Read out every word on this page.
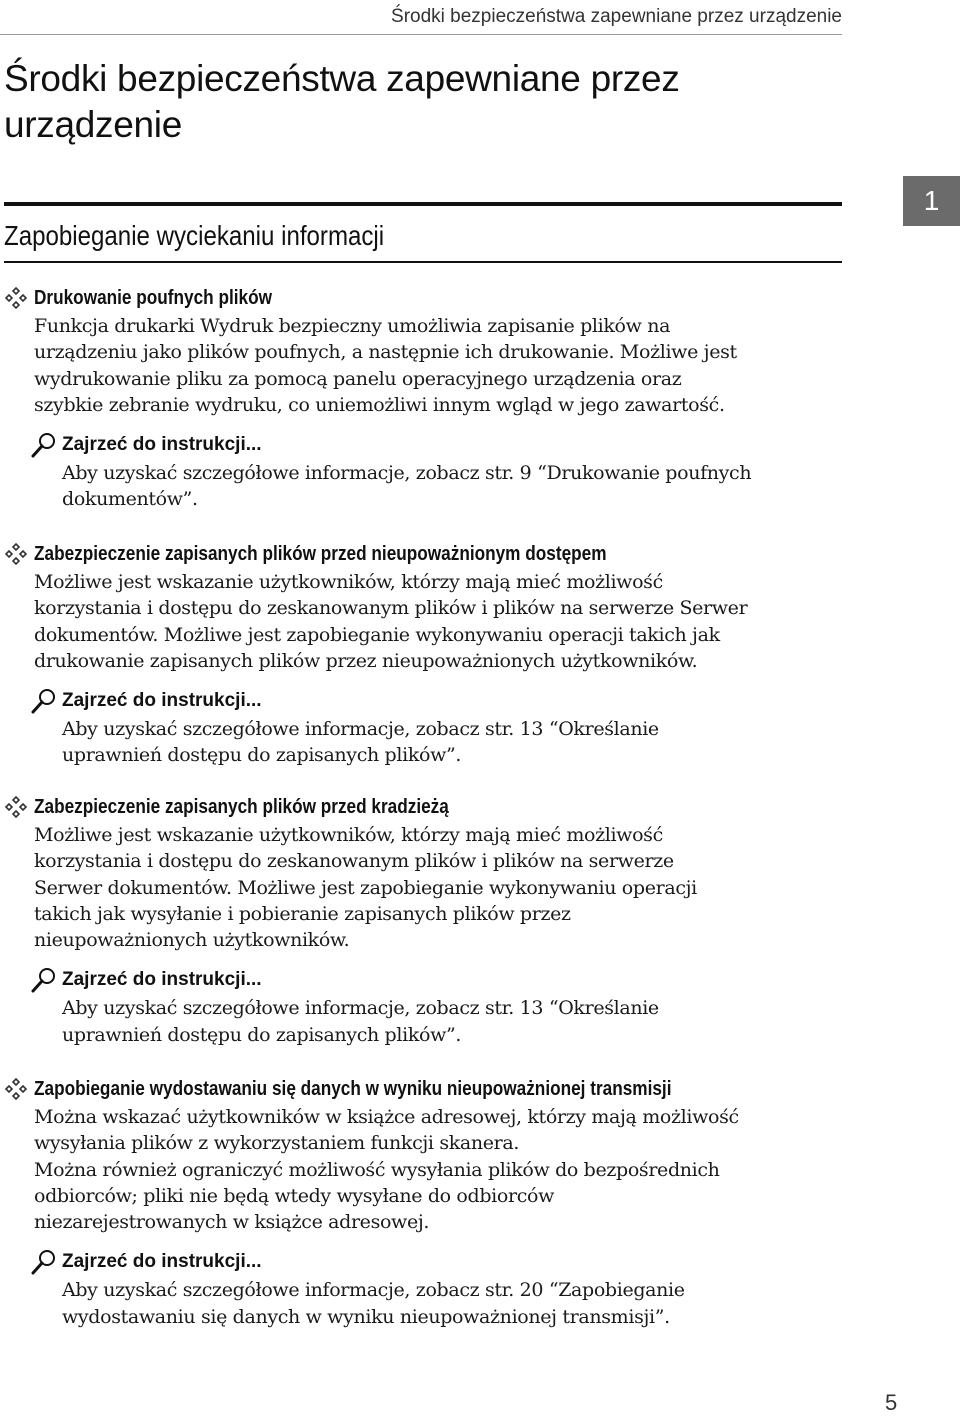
Środki bezpieczeństwa zapewniane przez urządzenie
Środki bezpieczeństwa zapewniane przez urządzenie
Zapobieganie wyciekaniu informacji
1
Drukowanie poufnych plików

Funkcja drukarki Wydruk bezpieczny umożliwia zapisanie plików na
urządzeniu jako plików poufnych, a następnie ich drukowanie. Możliwe jest
wydrukowanie pliku za pomocą panelu operacyjnego urządzenia oraz
szybkie zebranie wydruku, co uniemożliwi innym wgląd w jego zawartość.

Zajrzeć do instrukcji...
Aby uzyskać szczegółowe informacje, zobacz str. 9 “Drukowanie poufnych
dokumentów”.
Zabezpieczenie zapisanych plików przed nieupoważnionym dostępem

Możliwe jest wskazanie użytkowników, którzy mają mieć możliwość
korzystania i dostępu do zeskanowanym plików i plików na serwerze Serwer
dokumentów. Możliwe jest zapobieganie wykonywaniu operacji takich jak
drukowanie zapisanych plików przez nieupoważnionych użytkowników.

Zajrzeć do instrukcji...
Aby uzyskać szczegółowe informacje, zobacz str. 13 “Określanie
uprawnień dostępu do zapisanych plików”.
Zabezpieczenie zapisanych plików przed kradzieżą

Możliwe jest wskazanie użytkowników, którzy mają mieć możliwość
korzystania i dostępu do zeskanowanym plików i plików na serwerze
Serwer dokumentów. Możliwe jest zapobieganie wykonywaniu operacji
takich jak wysyłanie i pobieranie zapisanych plików przez
nieupoważnionych użytkowników.

Zajrzeć do instrukcji...
Aby uzyskać szczegółowe informacje, zobacz str. 13 “Określanie
uprawnień dostępu do zapisanych plików”.
Zapobieganie wydostawaniu się danych w wyniku nieupoważnionej transmisji

Można wskazać użytkowników w książce adresowej, którzy mają możliwość
wysyłania plików z wykorzystaniem funkcji skanera.
Można również ograniczyć możliwość wysyłania plików do bezpośrednich
odbiorców; pliki nie będą wtedy wysyłane do odbiorców
niezarejestrowanych w książce adresowej.

Zajrzeć do instrukcji...
Aby uzyskać szczegółowe informacje, zobacz str. 20 “Zapobieganie
wydostawaniu się danych w wyniku nieupoważnionej transmisji”.
5
